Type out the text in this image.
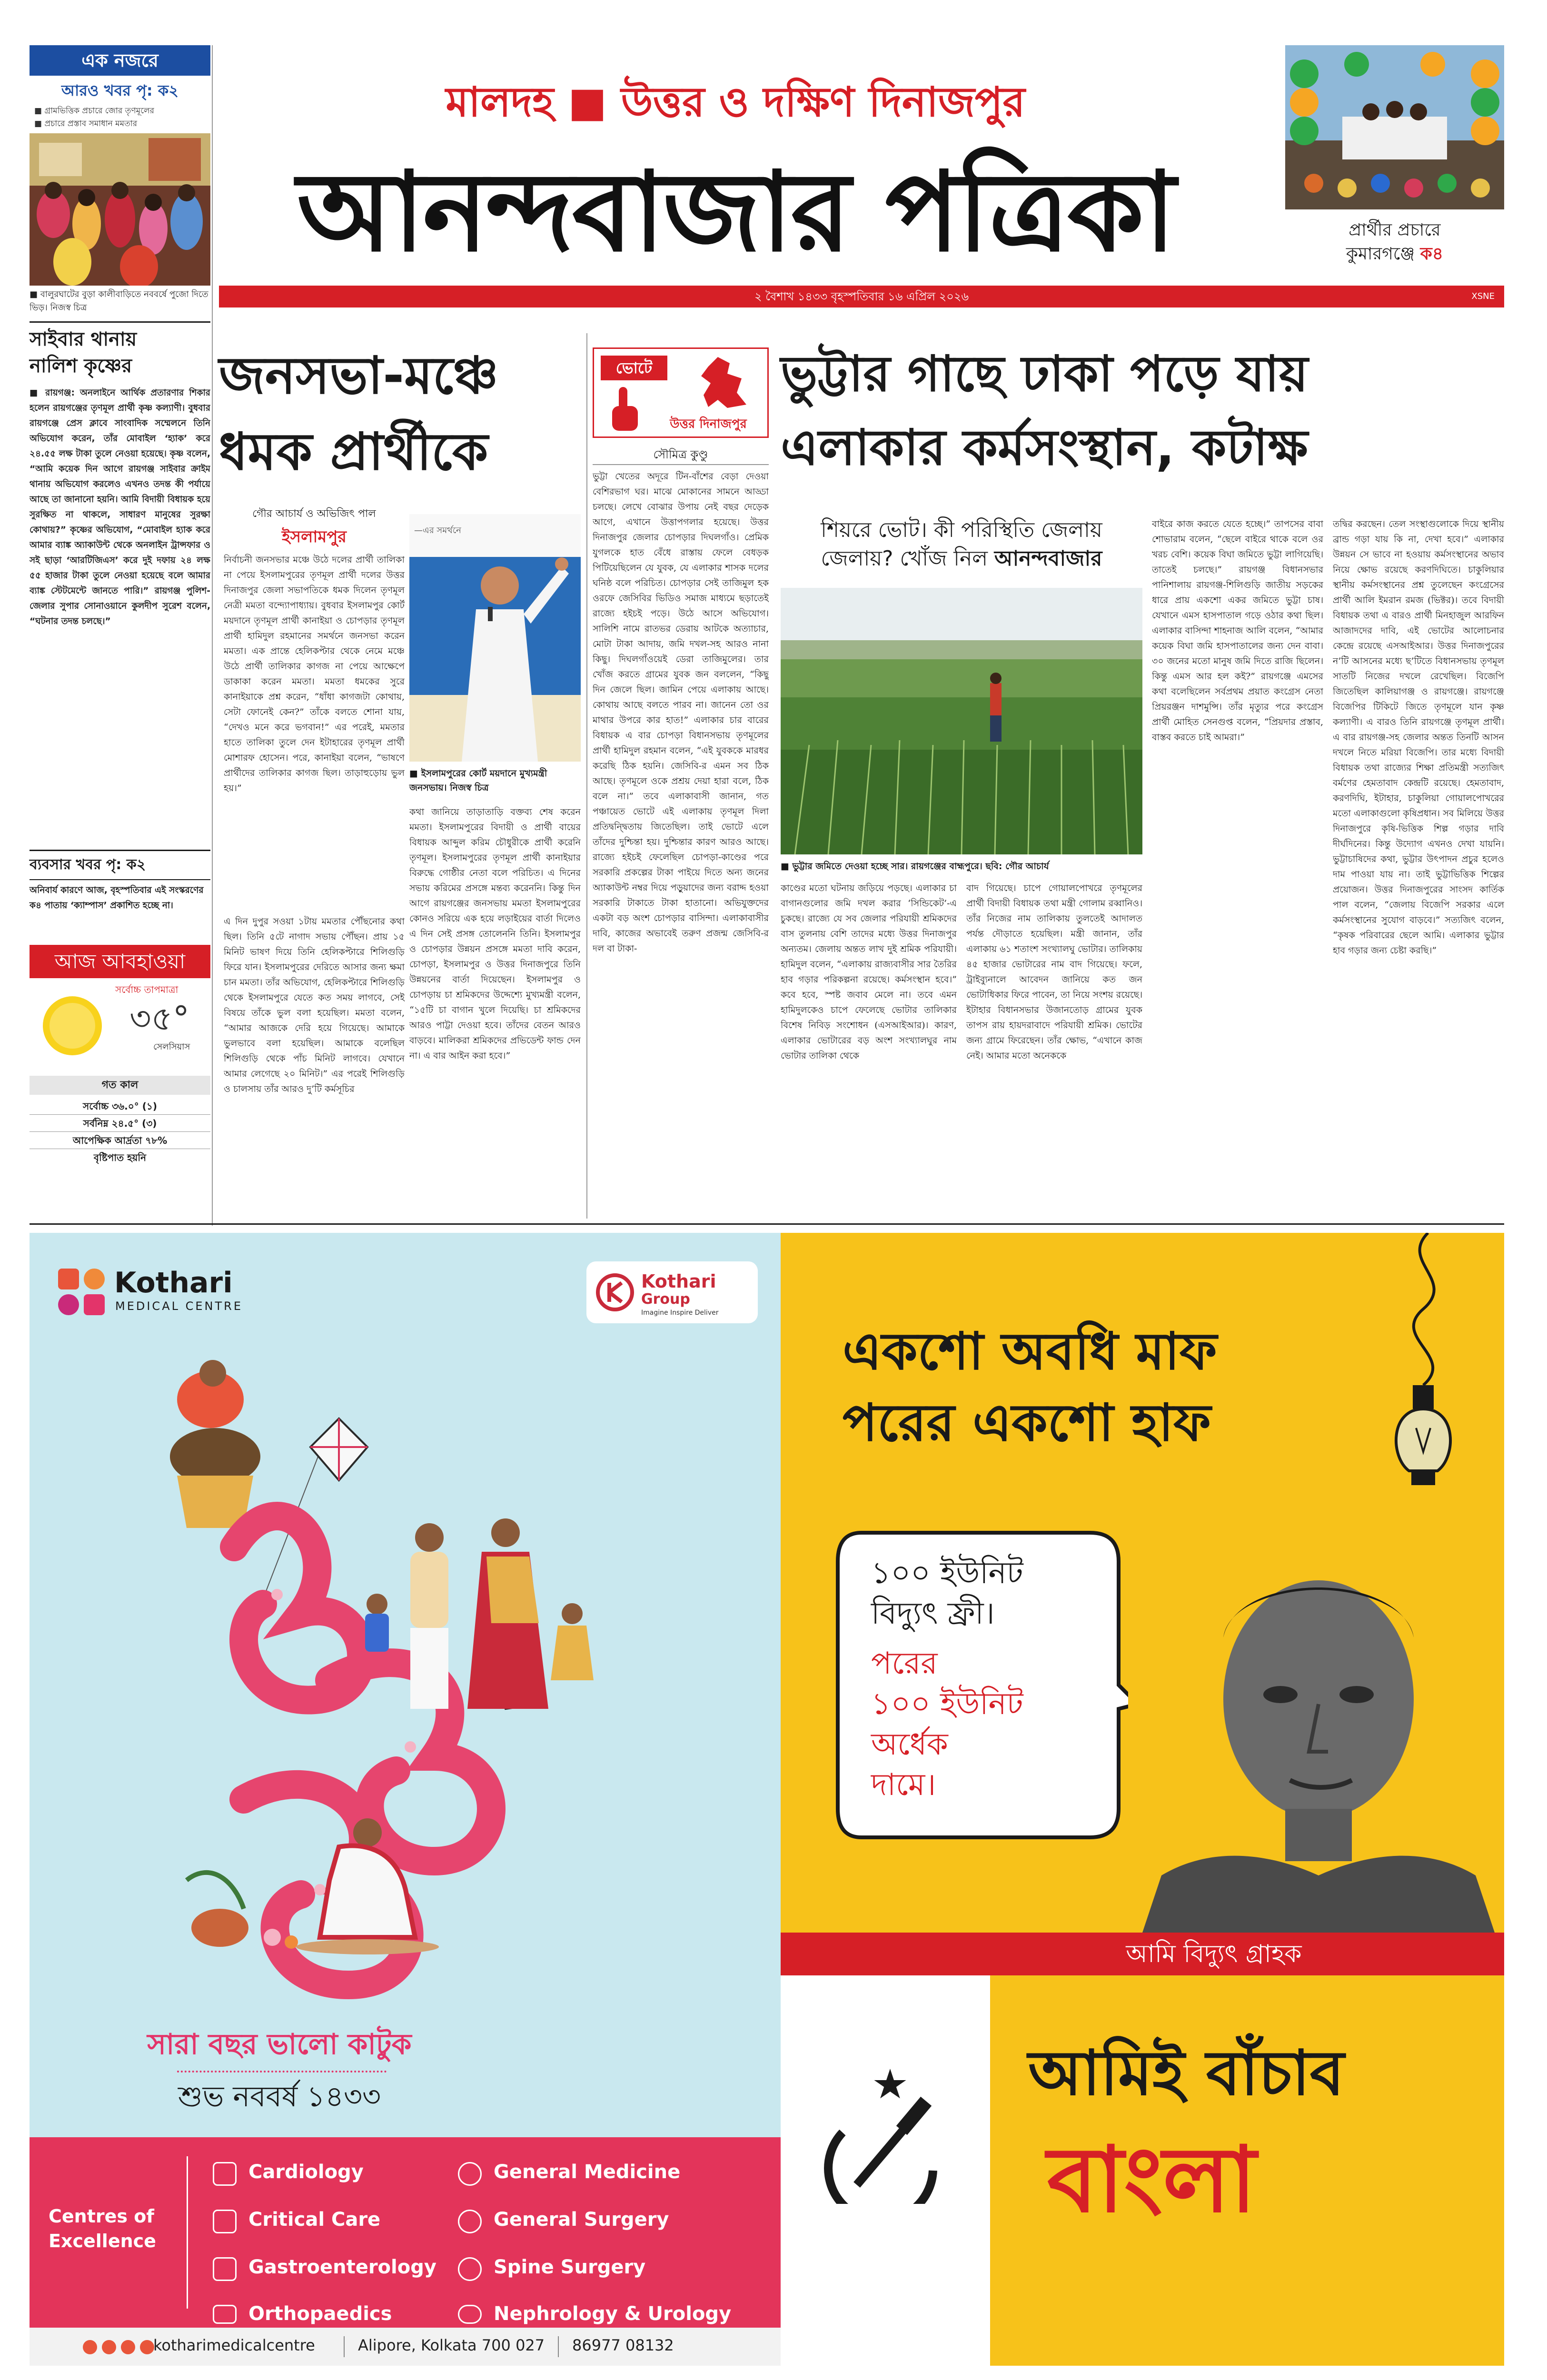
এক নজরে
আরও খবর পৃ: ক২
■ গ্রামভিত্তিক প্রচারে জোর তৃণমূলের
■ প্রচারে প্রস্তাব সমাধান মমতার
■ বালুরঘাটের বুড়া কালীবাড়িতে নববর্ষে পুজো দিতে ভিড়। নিজস্ব চিত্র
সাইবার থানায়
নালিশ কৃষ্ণের
■ রায়গঞ্জ: অনলাইনে আর্থিক প্রতারণার শিকার হলেন রায়গঞ্জের তৃণমূল প্রার্থী কৃষ্ণ কল্যাণী। বুধবার রায়গঞ্জে প্রেস ক্লাবে সাংবাদিক সম্মেলনে তিনি অভিযোগ করেন, তাঁর মোবাইল ‘হ্যাক’ করে ২৪.৫৫ লক্ষ টাকা তুলে নেওয়া হয়েছে। কৃষ্ণ বলেন, “আমি কয়েক দিন আগে রায়গঞ্জ সাইবার ক্রাইম থানায় অভিযোগ করলেও এখনও তদন্ত কী পর্যায়ে আছে তা জানানো হয়নি। আমি বিদায়ী বিধায়ক হয়ে সুরক্ষিত না থাকলে, সাধারণ মানুষের সুরক্ষা কোথায়?” কৃষ্ণের অভিযোগ, “মোবাইল হ্যাক করে আমার ব্যাঙ্ক অ্যাকাউন্ট থেকে অনলাইন ট্রান্সফার ও সই ছাড়া ‘আরটিজিএস’ করে দুই দফায় ২৪ লক্ষ ৫৫ হাজার টাকা তুলে নেওয়া হয়েছে বলে আমার ব্যাঙ্ক স্টেটমেন্টে জানতে পারি।” রায়গঞ্জ পুলিশ-জেলার সুপার সোনাওয়ানে কুলদীপ সুরেশ বলেন, “ঘটনার তদন্ত চলছে।”
ব্যবসার খবর পৃ: ক২
অনিবার্য কারণে আজ, বৃহস্পতিবার এই সংস্করণের ক৪ পাতায় ‘ক্যাম্পাস’ প্রকাশিত হচ্ছে না।
আজ আবহাওয়া
সর্বোচ্চ তাপমাত্রা
৩৫°
সেলসিয়াস
গত কাল
সর্বোচ্চ ৩৬.০° (১)
সর্বনিম্ন ২৪.৫° (৩)
আপেক্ষিক আর্দ্রতা ৭৮%
বৃষ্টিপাত হয়নি
মালদহ ■ উত্তর ও দক্ষিণ দিনাজপুর
আনন্দবাজার পত্রিকা
২ বৈশাখ ১৪৩৩ বৃহস্পতিবার ১৬ এপ্রিল ২০২৬	XSNE
প্রার্থীর প্রচারে
কুমারগঞ্জে ক৪
জনসভা-মঞ্চে
ধমক প্রার্থীকে
গৌর আচার্য ও অভিজিৎ পাল
ইসলামপুর
নির্বাচনী জনসভার মঞ্চে উঠে দলের প্রার্থী তালিকা না পেয়ে ইসলামপুরের তৃণমূল প্রার্থী দলের উত্তর দিনাজপুর জেলা সভাপতিকে ধমক দিলেন তৃণমূল নেত্রী মমতা বন্দ্যোপাধ্যায়। বুধবার ইসলামপুর কোর্ট ময়দানে তৃণমূল প্রার্থী কানাইয়া ও চোপড়ার তৃণমূল প্রার্থী হামিদুল রহমানের সমর্থনে জনসভা করেন মমতা। এক প্রান্তে হেলিকপ্টার থেকে নেমে মঞ্চে উঠে প্রার্থী তালিকার কাগজ না পেয়ে আক্ষেপে ডাকাকা করেন মমতা। মমতা ধমকের সুরে কানাইয়াকে প্রশ্ন করেন, “ধাঁধা কাগজটা কোথায়, সেটা ফোনেই কেন?” তাঁকে বলতে শোনা যায়, “দেখও মনে করে ভগবান!” এর পরেই, মমতার হাতে তালিকা তুলে দেন ইটাহারের তৃণমূল প্রার্থী মোশারফ হোসেন। পরে, কানাইয়া বলেন, “ভাষণে প্রার্থীদের তালিকার কাগজ ছিল। তাড়াহুড়োয় ভুল হয়।”
এ দিন দুপুর সওয়া ১টায় মমতার পৌঁছনোর কথা ছিল। তিনি ৫টে নাগাদ সভায় পৌঁছন। প্রায় ১৫ মিনিট ভাষণ দিয়ে তিনি হেলিকপ্টারে শিলিগুড়ি ফিরে যান। ইসলামপুরের দেরিতে আসার জন্য ক্ষমা চান মমতা। তাঁর অভিযোগ, হেলিকপ্টারে শিলিগুড়ি থেকে ইসলামপুরে যেতে কত সময় লাগবে, সেই বিষয়ে তাঁকে ভুল বলা হয়েছিল। মমতা বলেন, “আমার আজকে দেরি হয়ে গিয়েছে। আমাকে ভুলভাবে বলা হয়েছিল। আমাকে বলেছিল শিলিগুড়ি থেকে পাঁচ মিনিট লাগবে। যেখানে আমার লেগেছে ২০ মিনিট।” এর পরেই শিলিগুড়ি ও চালসায় তাঁর আরও দু’টি কর্মসূচির
—এর সমর্থনে
■ ইসলামপুরের কোর্ট ময়দানে মুখ্যমন্ত্রী জনসভায়। নিজস্ব চিত্র
কথা জানিয়ে তাড়াতাড়ি বক্তব্য শেষ করেন মমতা। ইসলামপুরের বিদায়ী ও প্রার্থী বায়ের বিধায়ক আব্দুল করিম চৌধুরীকে প্রার্থী করেনি তৃণমূল। ইসলামপুরের তৃণমূল প্রার্থী কানাইয়ার বিরুদ্ধে গোষ্ঠীর নেতা বলে পরিচিত। এ দিনের সভায় করিমের প্রসঙ্গে মন্তব্য করেননি। কিন্তু দিন আগে রায়গঞ্জের জনসভায় মমতা ইসলামপুরের কোনও সরিয়ে এক হয়ে লড়াইয়ের বার্তা দিলেও এ দিন সেই প্রসঙ্গ তোলেননি তিনি। ইসলামপুর ও চোপড়ার উন্নয়ন প্রসঙ্গে মমতা দাবি করেন, চোপড়া, ইসলামপুর ও উত্তর দিনাজপুরে তিনি উন্নয়নের বার্তা দিয়েছেন। ইসলামপুর ও চোপড়ায় চা শ্রমিকদের উদ্দেশ্যে মুখ্যমন্ত্রী বলেন, “১৫টি চা বাগান খুলে দিয়েছি। চা শ্রমিকদের আরও পাট্টা দেওয়া হবে। তাঁদের বেতন আরও বাড়বে। মালিকরা শ্রমিকদের প্রভিডেন্ট ফান্ড দেন না। এ বার আইন করা হবে।”
ভোটে
উত্তর দিনাজপুর
সৌমিত্র কুণ্ডু
ভুট্টা খেতের অদূরে টিন-বাঁশের বেড়া দেওয়া বেশিরভাগ ঘর। মাঝে মোকানের সামনে আড্ডা চলছে। লেখে বোঝার উপায় নেই বছর দেড়েক আগে, এখানে উত্তাপগলার হয়েছে। উত্তর দিনাজপুর জেলার চোপড়ার দিঘলগাঁও। প্রেমিক যুগলকে হাত বেঁধে রাস্তায় ফেলে বেধড়ক পিটিয়েছিলেন যে যুবক, যে এলাকার শাসক দলের ঘনিষ্ঠ বলে পরিচিত। চোপড়ার সেই তাজিমুল হক ওরফে জেসিবির ভিডিও সমাজ মাধ্যমে ছড়াতেই রাজ্যে হইচই পড়ে। উঠে আসে অভিযোগ। সালিশি নামে রাতভর ডেরায় আটকে অত্যাচার, মোটা টাকা আদায়, জমি দখল-সহ আরও নানা কিছু। দিঘলগাঁওয়েই ডেরা তাজিমুলের। তার খোঁজ করতে গ্রামের যুবক জন বললেন, “কিছু দিন জেলে ছিল। জামিন পেয়ে এলাকায় আছে। কোথায় আছে বলতে পারব না। জানেন তো ওর মাথার উপরে কার হাত!” এলাকার চার বারের বিধায়ক এ বার চোপড়া বিধানসভায় তৃণমূলের প্রার্থী হামিদুল রহমান বলেন, “এই যুবককে মারধর করেছি ঠিক হয়নি। জেসিবি-র এমন সব ঠিক আছে। তৃণমূলে ওকে প্রশ্রয় দেয়া হারা বলে, ঠিক বলে না।” তবে এলাকাবাসী জানান, গত পঞ্চায়েত ভোটে এই এলাকায় তৃণমূল দিলা প্রতিদ্বন্দ্বিতায় জিতেছিল। তাই ভোটে এলে তাঁদের দুশ্চিন্তা হয়। দুশ্চিন্তার কারণ আরও আছে। রাজ্যে হইচই ফেলেছিল চোপড়া-কাণ্ডের পরে সরকারি প্রকল্পের টাকা পাইয়ে দিতে অন্য জনের অ্যাকাউন্ট নম্বর দিয়ে পড়ুয়াদের জন্য বরাদ্দ হওয়া সরকারি টাকাতে টাকা হাতানো। অভিযুক্তদের একটা বড় অংশ চোপড়ার বাসিন্দা। এলাকাবাসীর দাবি, কাজের অভাবেই তরুণ প্রজন্ম জেসিবি-র দল বা টাকা-
ভুট্টার গাছে ঢাকা পড়ে যায়
এলাকার কর্মসংস্থান, কটাক্ষ
শিয়রে ভোট। কী পরিস্থিতি জেলায়
জেলায়? খোঁজ নিল আনন্দবাজার
■ ভুট্টার জমিতে দেওয়া হচ্ছে সার। রায়গঞ্জের বাহ্মপুরে। ছবি: গৌর আচার্য
কাণ্ডের মতো ঘটনায় জড়িয়ে পড়ছে। এলাকার চা বাগানগুলোর জমি দখল করার ‘সিন্ডিকেট’-এ চুকছে। রাজ্যে যে সব জেলার পরিযায়ী শ্রমিকদের বাস তুলনায় বেশি তাদের মধ্যে উত্তর দিনাজপুর অন্যতম। জেলায় অন্তত লাখ দুই শ্রমিক পরিযায়ী। হামিদুল বলেন, “এলাকায় রাজ্যবাসীর সার তৈরির হাব গড়ার পরিকল্পনা রয়েছে। কর্মসংস্থান হবে।” কবে হবে, স্পষ্ট জবাব মেলে না। তবে এমন হামিদুলকেও চাপে ফেলেছে ভোটার তালিকার বিশেষ নিবিড় সংশোধন (এসআইআর)। কারণ, এলাকার ভোটারের বড় অংশ সংখ্যালঘুর নাম ভোটার তালিকা থেকে
বাদ গিয়েছে। চাপে গোয়ালপোখরে তৃণমূলের প্রার্থী বিদায়ী বিধায়ক তথা মন্ত্রী গোলাম রব্বানিও। তাঁর নিজের নাম তালিকায় তুলতেই আদালত পর্যন্ত দৌড়াতে হয়েছিল। মন্ত্রী জানান, তাঁর এলাকায় ৬১ শতাংশ সংখ্যালঘু ভোটার। তালিকায় ৪৫ হাজার ভোটারের নাম বাদ গিয়েছে। ফলে, ট্রাইব্যুনালে আবেদন জানিয়ে কত জন ভোটাধিকার ফিরে পাবেন, তা নিয়ে সংশয় রয়েছে। ইটাহার বিধানসভার উজানতোড় গ্রামের যুবক তাপস রায় হায়দরাবাদে পরিযায়ী শ্রমিক। ভোটের জন্য গ্রামে ফিরেছেন। তাঁর ক্ষোভ, “এখানে কাজ নেই। আমার মতো অনেককে
বাইরে কাজ করতে যেতে হচ্ছে।” তাপসের বাবা শোভারাম বলেন, “ছেলে বাইরে থাকে বলে ওর খরচ বেশি। কয়েক বিঘা জমিতে ভুট্টা লাগিয়েছি। তাতেই চলছে।” রায়গঞ্জ বিধানসভার পানিশালায় রায়গঞ্জ-শিলিগুড়ি জাতীয় সড়কের ধারে প্রায় একশো একর জমিতে ভুট্টা চাষ। যেখানে এমস হাসপাতাল গড়ে ওঠার কথা ছিল। এলাকার বাসিন্দা শাহনাজ আলি বলেন, “আমার কয়েক বিঘা জমি হাসপাতালের জন্য দেন বাবা। ৩০ জনের মতো মানুষ জমি দিতে রাজি ছিলেন। কিন্তু এমস আর হল কই?” রায়গঞ্জে এমসের কথা বলেছিলেন সর্বপ্রথম প্রয়াত কংগ্রেস নেতা প্রিয়রঞ্জন দাশমুন্সি। তাঁর মৃত্যুর পরে কংগ্রেস প্রার্থী মোহিত সেনগুপ্ত বলেন, “প্রিয়দার প্রস্তাব, বাস্তব করতে চাই আমরা।”
তদ্বির করছেন। তেল সংস্থাগুলোকে দিয়ে স্থানীয় ব্রান্ড গড়া যায় কি না, দেখা হবে।” এলাকার উন্নয়ন সে ভাবে না হওয়ায় কর্মসংস্থানের অভাব নিয়ে ক্ষোভ রয়েছে করণদিঘিতে। চাকুলিয়ার স্থানীয় কর্মসংস্থানের প্রশ্ন তুলেছেন কংগ্রেসের প্রার্থী আলি ইমরান রমজ (ভিক্টর)। তবে বিদায়ী বিধায়ক তথা এ বারও প্রার্থী মিনহাজুল আরফিন আজাদদের দাবি, এই ভোটের আলোচনার কেন্দ্রে রয়েছে এসআইআর। উত্তর দিনাজপুরের ন’টি আসনের মধ্যে ছ’টিতে বিধানসভায় তৃণমূল সাতটি নিজের দখলে রেখেছিল। বিজেপি জিতেছিল কালিয়াগঞ্জ ও রায়গঞ্জে। রায়গঞ্জে বিজেপির টিকিটে জিতে তৃণমূলে যান কৃষ্ণ কল্যাণী। এ বারও তিনি রায়গঞ্জে তৃণমূল প্রার্থী। এ বার রায়গঞ্জ-সহ জেলার অন্তত তিনটি আসন দখলে নিতে মরিয়া বিজেপি। তার মধ্যে বিদায়ী বিধায়ক তথা রাজ্যের শিক্ষা প্রতিমন্ত্রী সত্যজিৎ বর্মণের হেমতাবাদ কেন্দ্রটি রয়েছে। হেমতাবাদ, করণদিঘি, ইটাহার, চাকুলিয়া গোয়ালপোখরের মতো এলাকাগুলো কৃষিপ্রধান। সব মিলিয়ে উত্তর দিনাজপুরে কৃষি-ভিত্তিক শিল্প গড়ার দাবি দীর্ঘদিনের। কিন্তু উদ্যোগ এখনও দেখা যায়নি। ভুট্টাচাষিদের কথা, ভুট্টার উৎপাদন প্রচুর হলেও দাম পাওয়া যায় না। তাই ভুট্টাভিত্তিক শিল্পের প্রয়োজন। উত্তর দিনাজপুরের সাংসদ কার্তিক পাল বলেন, “জেলায় বিজেপি সরকার এলে কর্মসংস্থানের সুযোগ বাড়বে।” সত্যজিৎ বলেন, “কৃষক পরিবারের ছেলে আমি। এলাকার ভুট্টার হাব গড়ার জন্য চেষ্টা করছি।”
Kothari
MEDICAL CENTRE
Kothari
Group
Imagine Inspire Deliver
সারা বছর ভালো কাটুক
শুভ নববর্ষ ১৪৩৩
Centres of
Excellence
Cardiology
Critical Care
Gastroenterology
Orthopaedics
General Medicine
General Surgery
Spine Surgery
Nephrology & Urology
kotharimedicalcentre	Alipore, Kolkata 700 027 86977 08132
একশো অবধি মাফ
পরের একশো হাফ
১০০ ইউনিট
বিদ্যুৎ ফ্রী।
পরের
১০০ ইউনিট
অর্ধেক
দামে।
আমি বিদ্যুৎ গ্রাহক
আমিই বাঁচাব
বাংলা
